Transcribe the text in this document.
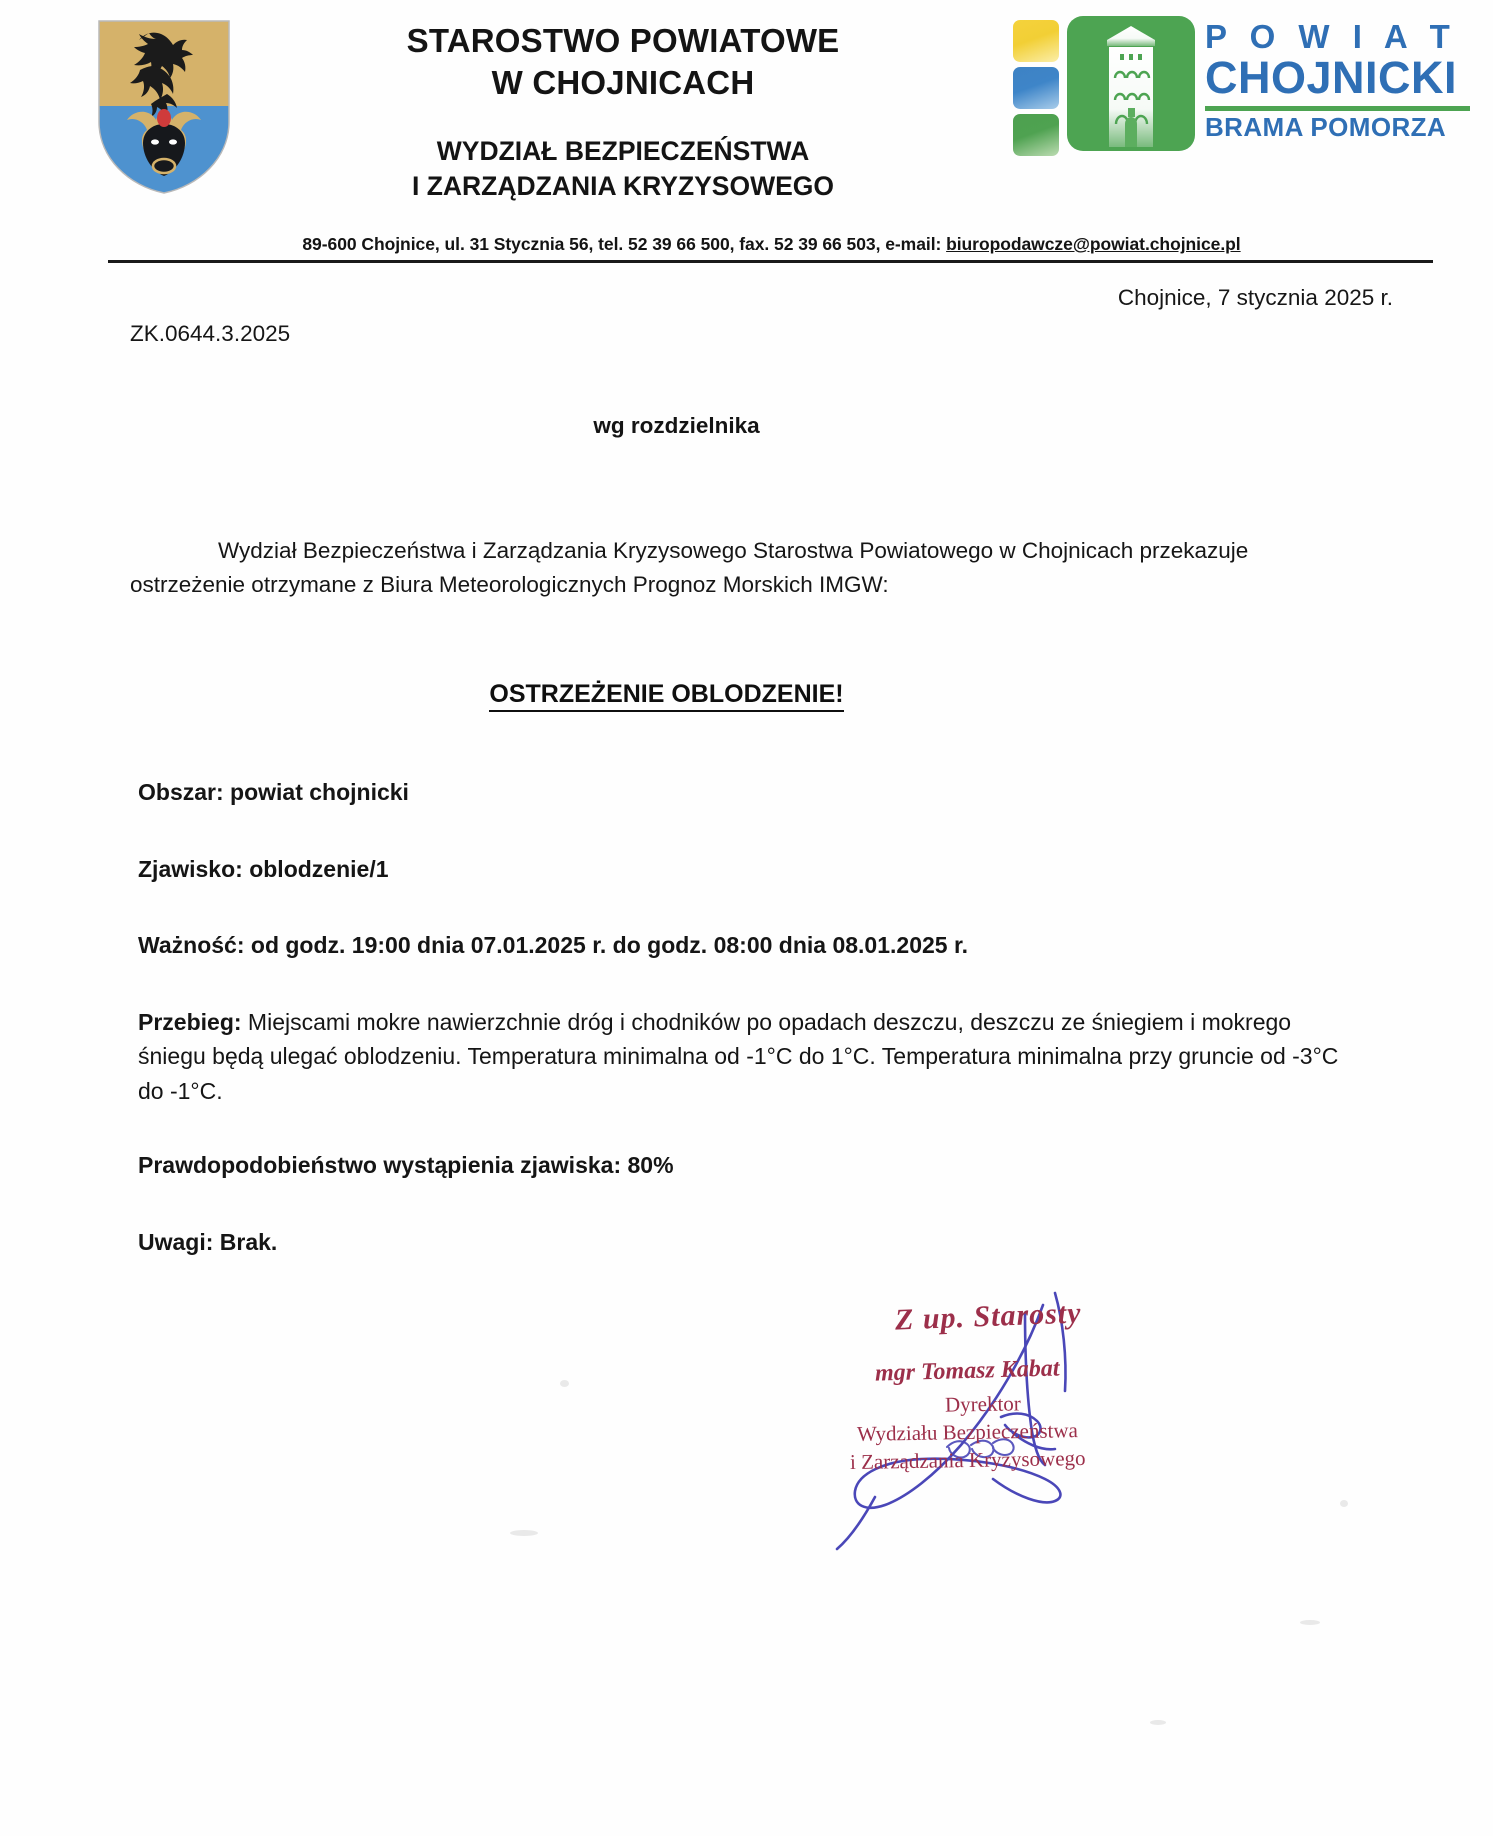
STAROSTWO POWIATOWE
W CHOJNICACH
WYDZIAŁ BEZPIECZEŃSTWA
I ZARZĄDZANIA KRYZYSOWEGO
P O W I A T
CHOJNICKI
BRAMA POMORZA
89-600 Chojnice, ul. 31 Stycznia 56, tel. 52 39 66 500, fax. 52 39 66 503, e-mail: biuropodawcze@powiat.chojnice.pl
Chojnice, 7 stycznia 2025 r.
ZK.0644.3.2025
wg rozdzielnika
Wydział Bezpieczeństwa i Zarządzania Kryzysowego Starostwa Powiatowego w Chojnicach przekazuje ostrzeżenie otrzymane z Biura Meteorologicznych Prognoz Morskich IMGW:
OSTRZEŻENIE OBLODZENIE!
Obszar: powiat chojnicki
Zjawisko: oblodzenie/1
Ważność: od godz. 19:00 dnia 07.01.2025 r. do godz. 08:00 dnia 08.01.2025 r.
Przebieg: Miejscami mokre nawierzchnie dróg i chodników po opadach deszczu, deszczu ze śniegiem i mokrego śniegu będą ulegać oblodzeniu. Temperatura minimalna od -1°C do 1°C. Temperatura minimalna przy gruncie od -3°C do -1°C.
Prawdopodobieństwo wystąpienia zjawiska: 80%
Uwagi: Brak.
Z up. Starosty
mgr Tomasz Kabat
Dyrektor
Wydziału Bezpieczeństwa
i Zarządzania Kryzysowego
